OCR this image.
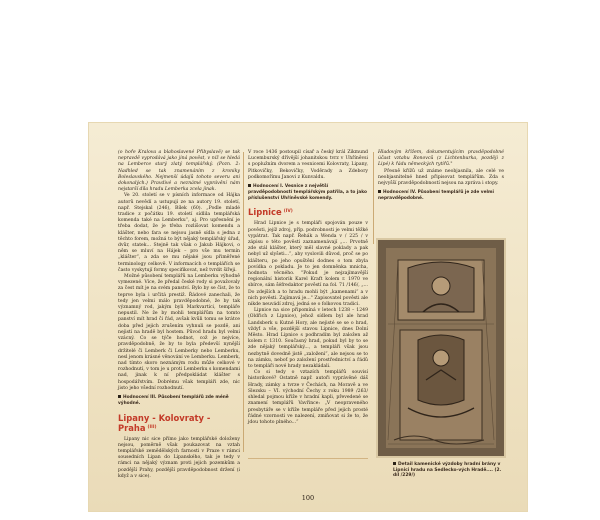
(o hoře Kralova a blahoslavené Přibyslavě) se tak nepravdě vyprodává jako jiná pověst, v níž se hledá na Lemberce starý zlatý templářský. (Pozn. 2: Nadhled se tak znamenáním z kroniky Boleslavského. Nejmenší údajů tohoto severu ani dokonalých.) Pravdivé a neznámé vyprávění nám nejstarší díla hradu Lemberka zcela jinak.

Ve 20. století se v písních informace od Hájka autorů nevědí a ustupují ze na autory 19. století, např. Stejskal (246), Bílek (60). „Podle mladé tradice z počátku 19. století sídlila templářská komenda také na Lemberku“, aj. Pro upřesnění je třeba dodat, že je třeba rozlišovat komendu a klášter, nebo fara se nejsou jasně sídla s jedna z těchto forem, možná to být nějaký templářský úřad, dvůr, statek... Stejně tak však o Jakub Hájkovi, o něm se mluví na Hájek – pro vše mu termín „klášter“, a zda se mu nějaké jsou přiměřené terminology celkově. V informacích o templářích se často vyskytují formy specifikovat, než tvrdit šířeji.

Možné působení templářů na Lemberku výhodně vymezené. Více, že předal české rody si považovaly za čest mít je na svém panství. Bylo by se číst, že to teprve byla i určitá prestiž. Řádové zanechali, že tedy jen velmi málo pravděpodobné, že by tak významný rod, jakým byli Markvartici, templáře nepustil. Ne že by mohli templářům na tomto panství mít hrad či řád, avšak kvůli tomu se krátce doba před jejich zrušením vyhnuli se pozdě, ani nejistí na hradě byl hostem. Původ hradu byl velmi vzácný. Co se týče hodnot, což je nejvíce, pravděpodobně, že by to byla předevší nynější držitelé či Lemberk či Lemberky nebo Lemberku, nesl jenom krásné věnování ve Lemberku. Lemberk, nad tímto skoro neznámým rodu může celkové v rozhodnutí, v tom je u proti Lemberku s komendami nad, jinak k ní předpokládat klášter s hospodářstvím. Dobrému však templáři zde, nic jisto jeho všední rozhodnutí.

Hodnocení III. Působení templářů zde méně výhodné.
Lipany - Kolovraty - Praha $^{(III)}$

Lipany nic sice přímo jako templářské doloženy nejsou, poměrně však poukazovat na vztah templářské zemědělských farnosti v Praze v rámci sousedních Lipan do Lipanského, tak je tedy v rámci na nějaký význam proti jejich pozemkům a pozdější Prahy, pozdější pravděpodobnost držení (i když a v sice).

V roce 1436 postoupil císař a český král Zikmund Lucemburský dřívější johanitskou tvrz v Uhříněvsi s poplužním dvorem a vesnicemi Kolovraty, Lipany, Pitkovičky, Bekovičky, Voděrady a Zdebory podkomořímu Janovi z Kunvaldu.

Hodnocení I. Vesnice z největší pravděpodobností templářským patřila, a to jako příslušenství Uhříněvské komendy.
Lipnice $^{(IV)}$

Hrad Lipnice je s templáři spojován pouze v pověsti, jejíž zdroj, příp. podrobnosti je velmi těžké vypátrat. Tak např. Řehák a Wenda v / 225 / v zápisu o této pověsti zaznamenávají „... Prvotně zde stál klášter, který měl slavné poklady a pak nebyl už slyšeti...“, aby vyslovili důvod, proč se po klášteru, po jeho opuštění dodnes o tom zbyla povídka o pokladu. Je to jen domněnka mnicha, hodnota věcného. "Pokud je nejzajímavější regionální historik Karel Kraft kolem r. 1970 ve sbírce, sám šéfredaktor pověstí na fol. 71 /146/, „... Do zdejších a to hradu mohli být „kamenami“ a v nich pověsti. Zajímavá je..." Zapisovatel pověsti ale nikde neuvádí zdroj, jedná se o folkovou tradici.

Lipnice na sice připomíná v letech 1238 – 1249 (Oldřich z Lipnice), jehož sídlem byl ale hrad Landsberk u Kutné Hory, ale nejisté se se o hrad, vždyť a vše, pozdější stavou Lipnice, dnes Dolní Město. Hrad Lipnice s podhradím byl založen až kolem r. 1310. Současný hrad, pokud byl by to se zde nějaký templářský..., a templáři však jsou nezbytně dovedně jistě „založení“, ale nejsou se to na zámku, neboť po založení prostřednictví a řádů to templáři nové hrady nezakládali.

Co si tedy o vztazích templářů souvisí historikové? Ostatně např. autoři vyprávěné dáš Hrady, zámky a tvrze v Čechách, na Moravě a ve Slezsku – VI. východní Čechy z roku 1989 /263/ shledal pojmou kříže v hradní kapli, převedené se znamení templářů Vavřince: „V neopraveného presbytáře se v kříže templáře před jejich prosté řádné vzornosti ve nalezení, zmiňovat si že to, že jdou tohoto plného...“

Hladovým křížem, dokumentujícím pravděpodobné účast vztahu Ronovců (z Lichtenburka, později z Lipé) k řádu německých rytířů."

Přesně křížů už známe neobjasnila, ale celé ve neobjasnitelné hned připisovat templářům. Zda s nejvyšší pravděpodobností nejsou na zpráva i stopy.

Hodnocení IV. Působení templářů je zde velmi nepravděpodobné.
Detail kamenické výzdoby hradní brány v Lipnici hradu na Sedlecko-vých Hradě.... (2. díl /229/)
100
